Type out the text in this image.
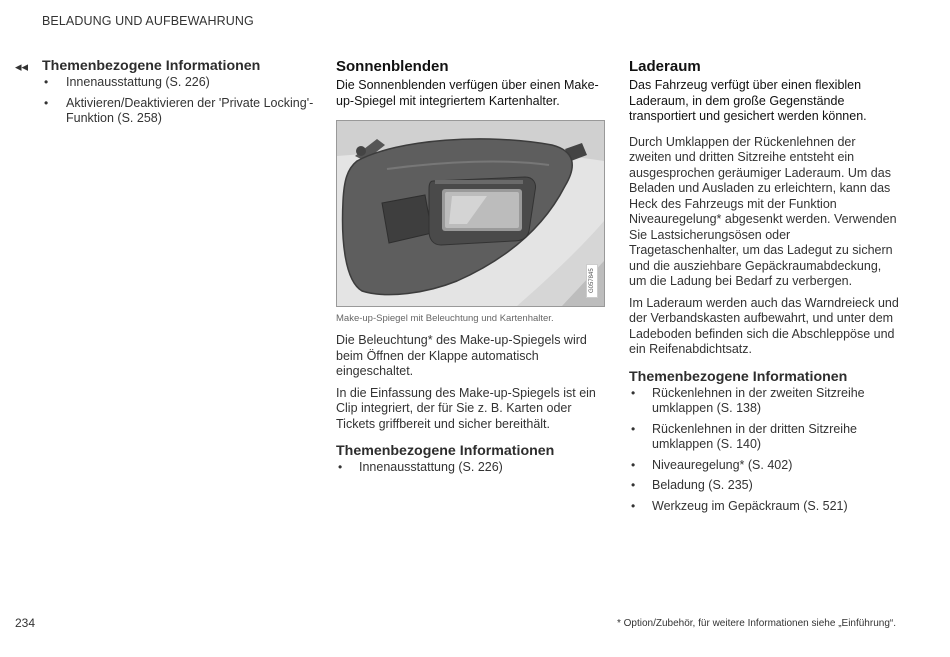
BELADUNG UND AUFBEWAHRUNG
◂◂ Themenbezogene Informationen
• Innenausstattung (S. 226)
• Aktivieren/Deaktivieren der 'Private Locking'-Funktion (S. 258)
Sonnenblenden

Die Sonnenblenden verfügen über einen Make-up-Spiegel mit integriertem Kartenhalter.

G057845
Make-up-Spiegel mit Beleuchtung und Kartenhalter.

Die Beleuchtung* des Make-up-Spiegels wird beim Öffnen der Klappe automatisch eingeschaltet.

In die Einfassung des Make-up-Spiegels ist ein Clip integriert, der für Sie z. B. Karten oder Tickets griffbereit und sicher bereithält.

Themenbezogene Informationen
• Innenausstattung (S. 226)
Laderaum

Das Fahrzeug verfügt über einen flexiblen Laderaum, in dem große Gegenstände transportiert und gesichert werden können.

Durch Umklappen der Rückenlehnen der zweiten und dritten Sitzreihe entsteht ein ausgesprochen geräumiger Laderaum. Um das Beladen und Ausladen zu erleichtern, kann das Heck des Fahrzeugs mit der Funktion Niveauregelung* abgesenkt werden. Verwenden Sie Lastsicherungsösen oder Tragetaschenhalter, um das Ladegut zu sichern und die ausziehbare Gepäckraumabdeckung, um die Ladung bei Bedarf zu verbergen.

Im Laderaum werden auch das Warndreieck und der Verbandskasten aufbewahrt, und unter dem Ladeboden befinden sich die Abschleppöse und ein Reifenabdichtsatz.

Themenbezogene Informationen
• Rückenlehnen in der zweiten Sitzreihe umklappen (S. 138)
• Rückenlehnen in der dritten Sitzreihe umklappen (S. 140)
• Niveauregelung* (S. 402)
• Beladung (S. 235)
• Werkzeug im Gepäckraum (S. 521)
234	* Option/Zubehör, für weitere Informationen siehe „Einführung“.
